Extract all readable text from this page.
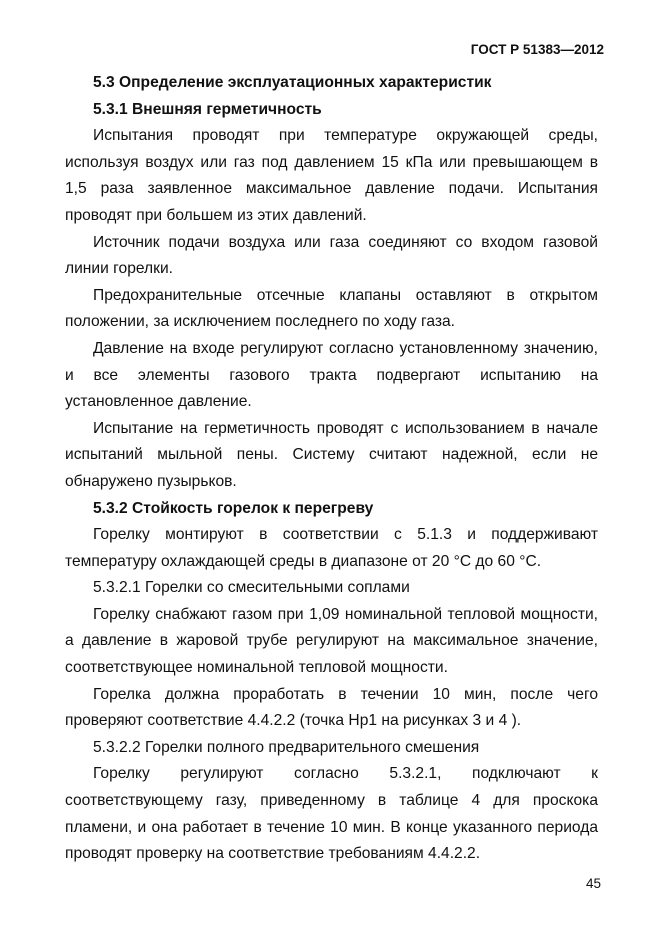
ГОСТ Р 51383—2012

5.3 Определение эксплуатационных характеристик

5.3.1 Внешняя герметичность

Испытания проводят при температуре окружающей среды, используя воздух или газ под давлением 15 кПа или превышающем в 1,5 раза заявленное максимальное давление подачи. Испытания проводят при большем из этих давлений.

Источник подачи воздуха или газа соединяют со входом газовой линии горелки.

Предохранительные отсечные клапаны оставляют в открытом положении, за исключением последнего по ходу газа.

Давление на входе регулируют согласно установленному значению, и все элементы газового тракта подвергают испытанию на установленное давление.

Испытание на герметичность проводят с использованием в начале испытаний мыльной пены. Систему считают надежной, если не обнаружено пузырьков.

5.3.2 Стойкость горелок к перегреву

Горелку монтируют в соответствии с 5.1.3 и поддерживают температуру охлаждающей среды в диапазоне от 20 °С до 60 °С.

5.3.2.1 Горелки со смесительными соплами

Горелку снабжают газом при 1,09 номинальной тепловой мощности, а давление в жаровой трубе регулируют на максимальное значение, соответствующее номинальной тепловой мощности.

Горелка должна проработать в течении 10 мин, после чего проверяют соответствие 4.4.2.2 (точка Hp1 на рисунках 3 и 4 ).

5.3.2.2 Горелки полного предварительного смешения

Горелку регулируют согласно 5.3.2.1, подключают к соответствующему газу, приведенному в таблице 4 для проскока пламени, и она работает в течение 10 мин. В конце указанного периода проводят проверку на соответствие требованиям 4.4.2.2.

45
